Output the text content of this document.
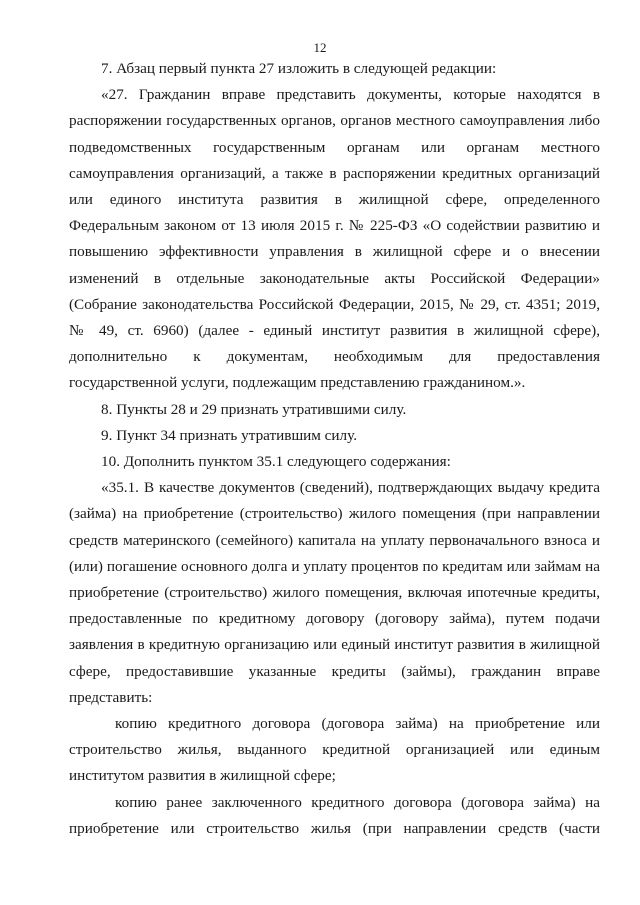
12

7. Абзац первый пункта 27 изложить в следующей редакции:

«27. Гражданин вправе представить документы, которые находятся в распоряжении государственных органов, органов местного самоуправления либо подведомственных государственным органам или органам местного самоуправления организаций, а также в распоряжении кредитных организаций или единого института развития в жилищной сфере, определенного Федеральным законом от 13 июля 2015 г. № 225-ФЗ «О содействии развитию и повышению эффективности управления в жилищной сфере и о внесении изменений в отдельные законодательные акты Российской Федерации» (Собрание законодательства Российской Федерации, 2015, № 29, ст. 4351; 2019, № 49, ст. 6960) (далее - единый институт развития в жилищной сфере), дополнительно к документам, необходимым для предоставления государственной услуги, подлежащим представлению гражданином.».

8. Пункты 28 и 29 признать утратившими силу.

9. Пункт 34 признать утратившим силу.

10. Дополнить пунктом 35.1 следующего содержания:

«35.1. В качестве документов (сведений), подтверждающих выдачу кредита (займа) на приобретение (строительство) жилого помещения (при направлении средств материнского (семейного) капитала на уплату первоначального взноса и (или) погашение основного долга и уплату процентов по кредитам или займам на приобретение (строительство) жилого помещения, включая ипотечные кредиты, предоставленные по кредитному договору (договору займа), путем подачи заявления в кредитную организацию или единый институт развития в жилищной сфере, предоставившие указанные кредиты (займы), гражданин вправе представить:

копию кредитного договора (договора займа) на приобретение или строительство жилья, выданного кредитной организацией или единым институтом развития в жилищной сфере;

копию ранее заключенного кредитного договора (договора займа) на приобретение или строительство жилья (при направлении средств (части
